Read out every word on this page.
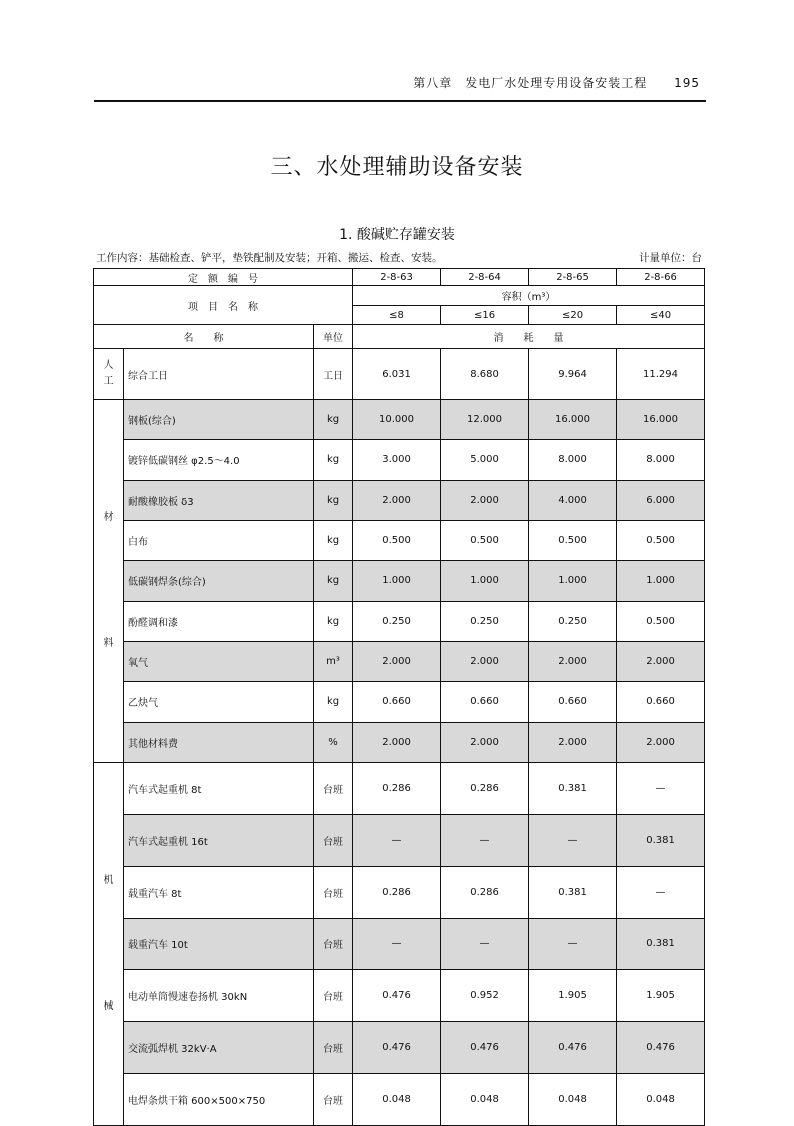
第八章　发电厂水处理专用设备安装工程 195
三、水处理辅助设备安装
1. 酸碱贮存罐安装
工作内容：基础检查、铲平，垫铁配制及安装；开箱、搬运、检查、安装。	计量单位：台
定　额　编　号			2-8-63	2-8-64	2-8-65	2-8-66
项　目　名　称			容积（m³）			
			≤8	≤16	≤20	≤40
名　　称		单位	消　　耗　　量			

人
工	综合工日	工日	6.031	8.680	9.964	11.294

材
料	钢板(综合)	kg	10.000	12.000	16.000	16.000
	镀锌低碳钢丝 φ2.5～4.0	kg	3.000	5.000	8.000	8.000
	耐酸橡胶板 δ3	kg	2.000	2.000	4.000	6.000
	白布	kg	0.500	0.500	0.500	0.500
	低碳钢焊条(综合)	kg	1.000	1.000	1.000	1.000
	酚醛调和漆	kg	0.250	0.250	0.250	0.500
	氧气	m³	2.000	2.000	2.000	2.000
	乙炔气	kg	0.660	0.660	0.660	0.660
	其他材料费	%	2.000	2.000	2.000	2.000

机
械	汽车式起重机 8t	台班	0.286	0.286	0.381	—
	汽车式起重机 16t	台班	—	—	—	0.381
	载重汽车 8t	台班	0.286	0.286	0.381	—
	载重汽车 10t	台班	—	—	—	0.381
	电动单筒慢速卷扬机 30kN	台班	0.476	0.952	1.905	1.905
	交流弧焊机 32kV·A	台班	0.476	0.476	0.476	0.476
	电焊条烘干箱 600×500×750	台班	0.048	0.048	0.048	0.048
